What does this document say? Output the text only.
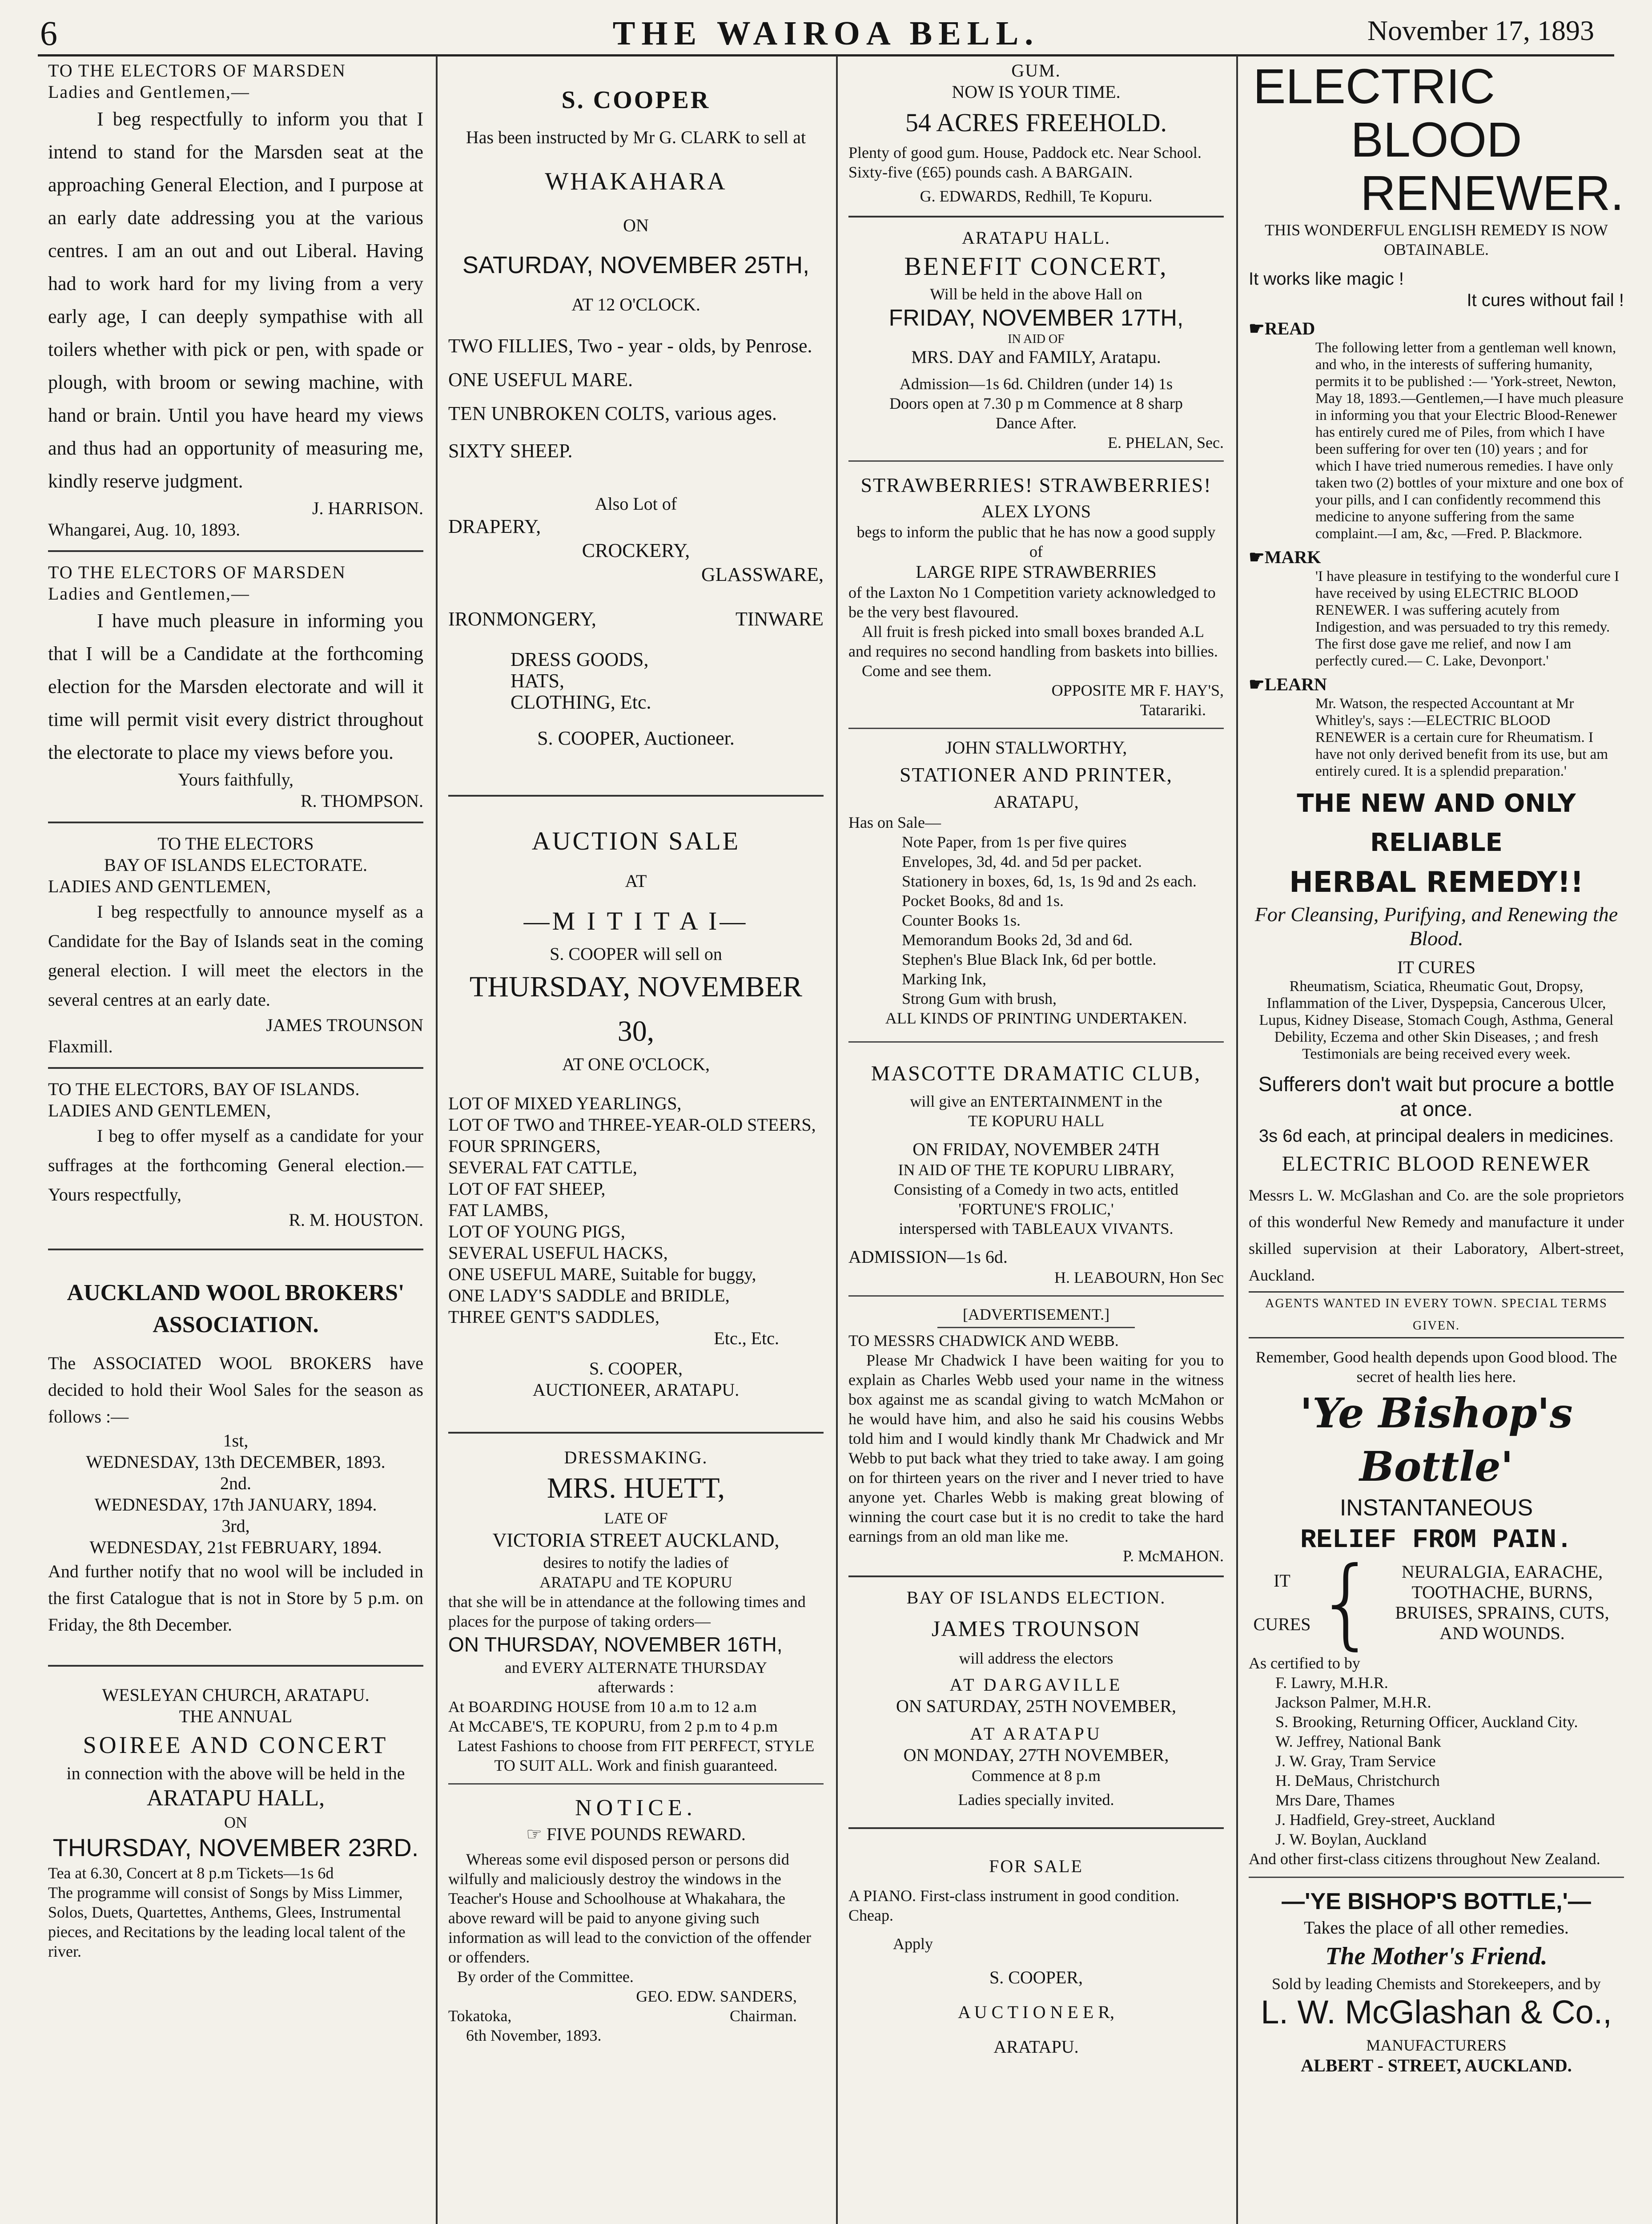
6	THE WAIROA BELL.	November 17, 1893

TO THE ELECTORS OF MARSDEN

Ladies and Gentlemen,—

I beg respectfully to inform you that I intend to stand for the Marsden seat at the approaching General Election, and I purpose at an early date addressing you at the various centres. I am an out and out Liberal. Having had to work hard for my living from a very early age, I can deeply sympathise with all toilers whether with pick or pen, with spade or plough, with broom or sewing machine, with hand or brain. Until you have heard my views and thus had an opportunity of measuring me, kindly reserve judgment.

J. HARRISON.

Whangarei, Aug. 10, 1893.

TO THE ELECTORS OF MARSDEN

Ladies and Gentlemen,—

I have much pleasure in informing you that I will be a Candidate at the forthcoming election for the Marsden electorate and will it time will permit visit every district throughout the electorate to place my views before you.

Yours faithfully,

R. THOMPSON.

TO THE ELECTORS

BAY OF ISLANDS ELECTORATE.

LADIES AND GENTLEMEN,

I beg respectfully to announce myself as a Candidate for the Bay of Islands seat in the coming general election. I will meet the electors in the several centres at an early date.

JAMES TROUNSON

Flaxmill.

TO THE ELECTORS, BAY OF ISLANDS.

LADIES AND GENTLEMEN,

I beg to offer myself as a candidate for your suffrages at the forthcoming General election.—Yours respectfully,

R. M. HOUSTON.

AUCKLAND WOOL BROKERS'

ASSOCIATION.

The ASSOCIATED WOOL BROKERS have decided to hold their Wool Sales for the season as follows :—

1st,

WEDNESDAY, 13th DECEMBER, 1893.

2nd.

WEDNESDAY, 17th JANUARY, 1894.

3rd,

WEDNESDAY, 21st FEBRUARY, 1894.

And further notify that no wool will be included in the first Catalogue that is not in Store by 5 p.m. on Friday, the 8th December.

WESLEYAN CHURCH, ARATAPU.

THE ANNUAL

SOIREE AND CONCERT

in connection with the above will be held in the

ARATAPU HALL,

ON

THURSDAY, NOVEMBER 23RD.

Tea at 6.30, Concert at 8 p.m Tickets—1s 6d

The programme will consist of Songs by Miss Limmer, Solos, Duets, Quartettes, Anthems, Glees, Instrumental pieces, and Recitations by the leading local talent of the river.

S. COOPER

Has been instructed by Mr G. CLARK to sell at

WHAKAHARA

ON

SATURDAY, NOVEMBER 25TH,

AT 12 O'CLOCK.

TWO FILLIES, Two - year - olds, by Penrose.

ONE USEFUL MARE.

TEN UNBROKEN COLTS, various ages.

SIXTY SHEEP.

Also Lot of

DRAPERY,

CROCKERY,

GLASSWARE,

IRONMONGERY,	TINWARE

DRESS GOODS,

HATS,

CLOTHING, Etc.

S. COOPER, Auctioneer.

AUCTION SALE

AT

—M I T I T A I—

S. COOPER will sell on

THURSDAY, NOVEMBER 30,

AT ONE O'CLOCK,

LOT OF MIXED YEARLINGS,

LOT OF TWO and THREE-YEAR-OLD STEERS,

FOUR SPRINGERS,

SEVERAL FAT CATTLE,

LOT OF FAT SHEEP,

FAT LAMBS,

LOT OF YOUNG PIGS,

SEVERAL USEFUL HACKS,

ONE USEFUL MARE, Suitable for buggy,

ONE LADY'S SADDLE and BRIDLE,

THREE GENT'S SADDLES,

Etc., Etc.

S. COOPER,

AUCTIONEER, ARATAPU.

DRESSMAKING.

MRS. HUETT,

LATE OF

VICTORIA STREET AUCKLAND,

desires to notify the ladies of

ARATAPU and TE KOPURU

that she will be in attendance at the following times and places for the purpose of taking orders—

ON THURSDAY, NOVEMBER 16TH,

and EVERY ALTERNATE THURSDAY

afterwards :

At BOARDING HOUSE from 10 a.m to 12 a.m

At McCABE'S, TE KOPURU, from 2 p.m to 4 p.m

Latest Fashions to choose from FIT PERFECT, STYLE TO SUIT ALL. Work and finish guaranteed.

NOTICE.

☞ FIVE POUNDS REWARD.

Whereas some evil disposed person or persons did wilfully and maliciously destroy the windows in the Teacher's House and Schoolhouse at Whakahara, the above reward will be paid to anyone giving such information as will lead to the conviction of the offender or offenders.

By order of the Committee.

GEO. EDW. SANDERS,

Tokatoka,	Chairman.

6th November, 1893.

GUM.

NOW IS YOUR TIME.

54 ACRES FREEHOLD.

Plenty of good gum. House, Paddock etc. Near School. Sixty-five (£65) pounds cash. A BARGAIN.

G. EDWARDS, Redhill, Te Kopuru.

ARATAPU HALL.

BENEFIT CONCERT,

Will be held in the above Hall on

FRIDAY, NOVEMBER 17TH,

IN AID OF

MRS. DAY and FAMILY, Aratapu.

Admission—1s 6d. Children (under 14) 1s

Doors open at 7.30 p m Commence at 8 sharp

Dance After.

E. PHELAN, Sec.

STRAWBERRIES! STRAWBERRIES!

ALEX LYONS

begs to inform the public that he has now a good supply of

LARGE RIPE STRAWBERRIES

of the Laxton No 1 Competition variety acknowledged to be the very best flavoured.

All fruit is fresh picked into small boxes branded A.L and requires no second handling from baskets into billies.

Come and see them.

OPPOSITE MR F. HAY'S,

Tatarariki.

JOHN STALLWORTHY,

STATIONER AND PRINTER,

ARATAPU,

Has on Sale—

Note Paper, from 1s per five quires

Envelopes, 3d, 4d. and 5d per packet.

Stationery in boxes, 6d, 1s, 1s 9d and 2s each.

Pocket Books, 8d and 1s.

Counter Books 1s.

Memorandum Books 2d, 3d and 6d.

Stephen's Blue Black Ink, 6d per bottle.

Marking Ink,

Strong Gum with brush,

ALL KINDS OF PRINTING UNDERTAKEN.

MASCOTTE DRAMATIC CLUB,

will give an ENTERTAINMENT in the

TE KOPURU HALL

ON FRIDAY, NOVEMBER 24TH

IN AID OF THE TE KOPURU LIBRARY,

Consisting of a Comedy in two acts, entitled

'FORTUNE'S FROLIC,'

interspersed with TABLEAUX VIVANTS.

ADMISSION—1s 6d.

H. LEABOURN, Hon Sec

[ADVERTISEMENT.]

TO MESSRS CHADWICK AND WEBB.

Please Mr Chadwick I have been waiting for you to explain as Charles Webb used your name in the witness box against me as scandal giving to watch McMahon or he would have him, and also he said his cousins Webbs told him and I would kindly thank Mr Chadwick and Mr Webb to put back what they tried to take away. I am going on for thirteen years on the river and I never tried to have anyone yet. Charles Webb is making great blowing of winning the court case but it is no credit to take the hard earnings from an old man like me.

P. McMAHON.

BAY OF ISLANDS ELECTION.

JAMES TROUNSON

will address the electors

AT DARGAVILLE

ON SATURDAY, 25TH NOVEMBER,

AT ARATAPU

ON MONDAY, 27TH NOVEMBER,

Commence at 8 p.m

Ladies specially invited.

FOR SALE

A PIANO. First-class instrument in good condition. Cheap.

Apply

S. COOPER,

A U C T I O N E E R,

ARATAPU.

ELECTRIC

BLOOD

RENEWER.

THIS WONDERFUL ENGLISH REMEDY IS NOW OBTAINABLE.

It works like magic !

It cures without fail !

☛READ

The following letter from a gentleman well known, and who, in the interests of suffering humanity, permits it to be published :— 'York-street, Newton, May 18, 1893.—Gentlemen,—I have much pleasure in informing you that your Electric Blood-Renewer has entirely cured me of Piles, from which I have been suffering for over ten (10) years ; and for which I have tried numerous remedies. I have only taken two (2) bottles of your mixture and one box of your pills, and I can confidently recommend this medicine to anyone suffering from the same complaint.—I am, &c, —Fred. P. Blackmore.

☛MARK

'I have pleasure in testifying to the wonderful cure I have received by using ELECTRIC BLOOD RENEWER. I was suffering acutely from Indigestion, and was persuaded to try this remedy. The first dose gave me relief, and now I am perfectly cured.— C. Lake, Devonport.'

☛LEARN

Mr. Watson, the respected Accountant at Mr Whitley's, says :—ELECTRIC BLOOD RENEWER is a certain cure for Rheumatism. I have not only derived benefit from its use, but am entirely cured. It is a splendid preparation.'

THE NEW AND ONLY RELIABLE

HERBAL REMEDY!!

For Cleansing, Purifying, and Renewing the Blood.

IT CURES

Rheumatism, Sciatica, Rheumatic Gout, Dropsy, Inflammation of the Liver, Dyspepsia, Cancerous Ulcer, Lupus, Kidney Disease, Stomach Cough, Asthma, General Debility, Eczema and other Skin Diseases, ; and fresh Testimonials are being received every week.

Sufferers don't wait but procure a bottle at once.

3s 6d each, at principal dealers in medicines.

ELECTRIC BLOOD RENEWER

Messrs L. W. McGlashan and Co. are the sole proprietors of this wonderful New Remedy and manufacture it under skilled supervision at their Laboratory, Albert-street, Auckland.

AGENTS WANTED IN EVERY TOWN. SPECIAL TERMS GIVEN.

Remember, Good health depends upon Good blood. The secret of health lies here.

'Ye Bishop's Bottle'

INSTANTANEOUS

RELIEF FROM PAIN.

IT

CURES {	NEURALGIA, EARACHE, TOOTHACHE, BURNS, BRUISES, SPRAINS, CUTS, AND WOUNDS.

As certified to by

F. Lawry, M.H.R.

Jackson Palmer, M.H.R.

S. Brooking, Returning Officer, Auckland City.

W. Jeffrey, National Bank

J. W. Gray, Tram Service

H. DeMaus, Christchurch

Mrs Dare, Thames

J. Hadfield, Grey-street, Auckland

J. W. Boylan, Auckland

And other first-class citizens throughout New Zealand.

—'YE BISHOP'S BOTTLE,'—

Takes the place of all other remedies.

The Mother's Friend.

Sold by leading Chemists and Storekeepers, and by

L. W. McGlashan & Co.,

MANUFACTURERS

ALBERT - STREET, AUCKLAND.
